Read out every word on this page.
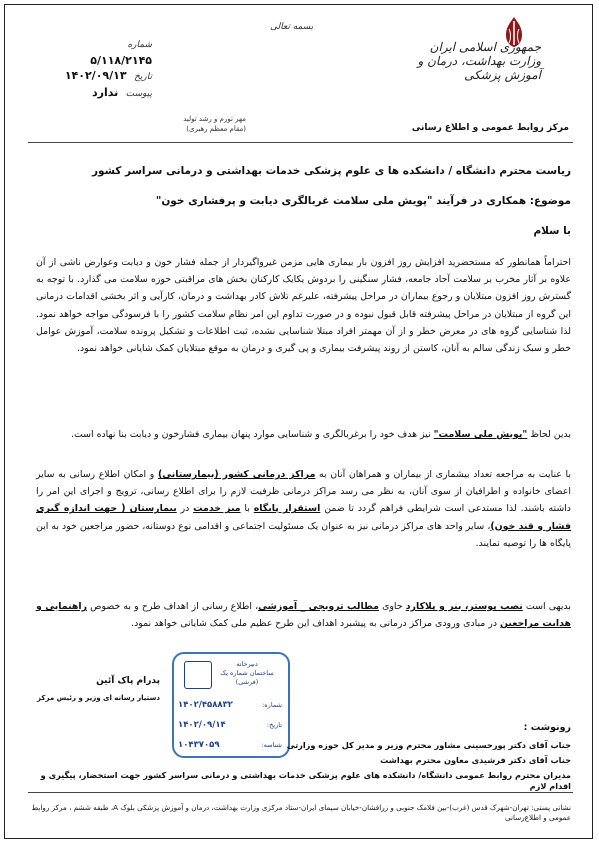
جمهوری اسلامی ایران
وزارت بهداشت، درمان و آموزش پزشکی
بسمه تعالی
شماره ۵/۱۱۸/۲۱۴۵
تاریخ ۱۴۰۲/۰۹/۱۳
پیوست ندارد
مهر تورم و رشد تولید
(مقام معظم رهبری)	مرکز روابط عمومی و اطلاع رسانی
ریاست محترم دانشگاه / دانشکده ها ی علوم پزشکی خدمات بهداشتی و درمانی سراسر کشور
موضوع: همکاری در فرآیند "پویش ملی سلامت غربالگری دیابت و پرفشاری خون"
با سلام
احتراماً همانطور که مستحضرید افزایش روز افزون بار بیماری هایی مزمن غیرواگیردار از جمله فشار خون و دیابت وعوارض ناشی از آن علاوه بر آثار مخرب بر سلامت آحاد جامعه، فشار سنگینی را بردوش یکایک کارکنان بخش های مراقبتی حوزه سلامت می گذارد. با توجه به گسترش روز افزون مبتلایان و رجوع بیماران در مراحل پیشرفته، علیرغم تلاش کادر بهداشت و درمان، کارآیی و اثر بخشی اقدامات درمانی این گروه از مبتلایان در مراحل پیشرفته قابل قبول نبوده و در صورت تداوم این امر نظام سلامت کشور را با فرسودگی مواجه خواهد نمود. لذا شناسایی گروه های در معرض خطر و از آن مهمتر افراد مبتلا شناسایی نشده، ثبت اطلاعات و تشکیل پرونده سلامت، آموزش عوامل خطر و سبک زندگی سالم به آنان، کاستن از روند پیشرفت بیماری و پی گیری و درمان به موقع مبتلایان کمک شایانی خواهد نمود.
بدین لحاظ "پویش ملی سلامت" نیز هدف خود را برغربالگری و شناسایی موارد پنهان بیماری فشارخون و دیابت بنا نهاده است.
با عنایت به مراجعه تعداد بیشماری از بیماران و همراهان آنان به مراکز درمانی کشور (بیمارستانی) و امکان اطلاع رسانی به سایر اعضای خانواده و اطرافیان از سوی آنان، به نظر می رسد مراکز درمانی ظرفیت لازم را برای اطلاع رسانی، ترویج و اجرای این امر را داشته باشند. لذا مستدعی است شرایطی فراهم گردد تا ضمن استقرار پایگاه با میز خدمت در بیمارستان ( جهت اندازه گیری فشار و قند خون)، سایر واحد های مراکز درمانی نیز به عنوان یک مسئولیت اجتماعی و اقدامی نوع دوستانه، حضور مراجعین خود به این پایگاه ها را توصیه نمایند.
بدیهی است نصب پوستر، بنر و پلاکارد حاوی مطالب ترویجی _ آموزشی، اطلاع رسانی از اهداف طرح و به خصوص راهنمایی و هدایت مراجعین در مبادی ورودی مراکز درمانی به پیشبرد اهداف این طرح عظیم ملی کمک شایانی خواهد نمود.
دبیرخانه
ساختمان شماره یک
(فرشی)
شماره:
۱۴۰۲/۴۵۸۸۳۲
تاریخ:
۱۴۰۲/۰۹/۱۴
شناسه:
۱۰۴۳۷۰۵۹
پدرام پاک آئین
دستیار رسانه ای وزیر و رئیس مرکز
رونوشت :
جناب آقای دکتر پورحسینی مشاور محترم وزیر و مدیر کل حوزه وزارتی
جناب آقای دکتر فرشیدی معاون محترم بهداشت
مدیران محترم روابط عمومی دانشگاه/ دانشکده های علوم پزشکی خدمات بهداشتی و درمانی سراسر کشور جهت استحضار، پیگیری و اقدام لازم
نشانی پستی: تهران-شهرک قدس (غرب)-بین فلامک جنوبی و زرافشان-خیابان سیمای ایران-ستاد مرکزی وزارت بهداشت، درمان و آموزش پزشکی بلوک A، طبقه ششم ، مرکز روابط عمومی و اطلاع‌رسانی
